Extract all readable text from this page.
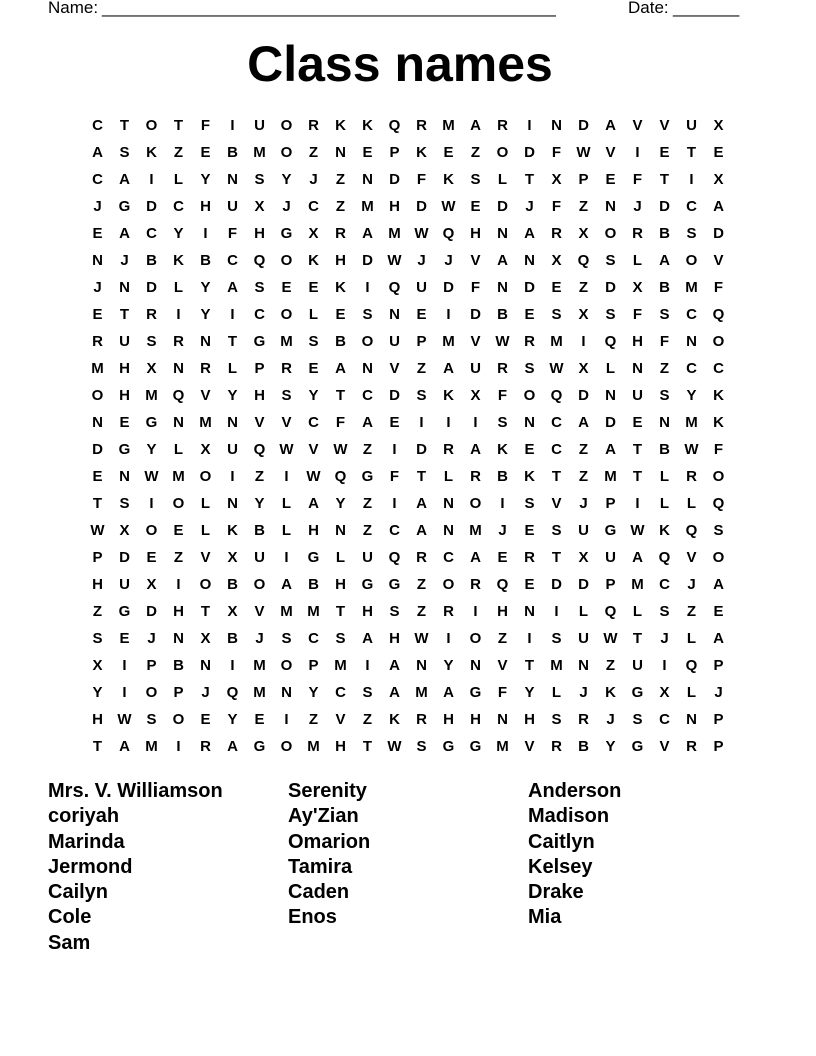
Name: ________________________________________________	Date: _______
Class names
C	T	O	T	F	I	U	O	R	K	K	Q	R	M	A	R	I	N	D	A	V	V	U	X
A	S	K	Z	E	B	M O	Z	N	E	P	K	E	Z	O	D	F	W V	I	E	T	E
C	A	I	L	Y	N	S	Y	J	Z	N	D	F	K	S	L	T	X	P	E	F	T	I	X
J	G	D	C	H	U	X	J	C	Z	M	H	D W E	D	J	F	Z	N	J	D	C	A
E	A	C	Y	I	F	H	G	X	R	A	M W Q	H	N	A	R	X	O	R	B	S	D
N	J	B	K	B	C	Q	O	K	H	D W	J	J	V	A	N	X	Q	S	L	A	O	V
J	N	D	L	Y	A	S	E	E	K	I	Q	U	D	F	N	D	E	Z	D	X	B	M	F
E	T	R	I	Y	I	C	O	L	E	S	N	E	I	D	B	E	S	X	S	F	S	C	Q
R	U	S	R	N	T	G M	S	B	O	U	P	M	V W R	M	I	Q	H	F	N	O
M	H	X	N	R	L	P	R	E	A	N	V	Z	A	U	R	S W X	L	N	Z	C	C
O	H	M Q	V	Y	H	S	Y	T	C	D	S	K	X	F	O	Q	D	N	U	S	Y	K
N	E	G	N	M	N	V	V	C	F	A	E	I	I	I	S	N	C	A	D	E	N	M	K
D	G	Y	L	X	U	Q W V W	Z	I	D	R	A	K	E	C	Z	A	T	B W	F
E	N W M O	I	Z	I	W Q	G	F	T	L	R	B	K	T	Z	M	T	L	R	O
T	S	I	O	L	N	Y	L	A	Y	Z	I	A	N	O	I	S	V	J	P	I	L	L	Q
W X	O	E	L	K	B	L	H	N	Z	C	A	N	M	J	E	S	U	G W K	Q	S
P	D	E	Z	V	X	U	I	G	L	U	Q	R	C	A	E	R	T	X	U	A	Q	V	O
H	U	X	I	O	B	O	A	B	H	G	G	Z	O	R	Q	E	D	D	P	M	C	J	A
Z	G	D	H	T	X	V	M M	T	H	S	Z	R	I	H	N	I	L	Q	L	S	Z	E
S	E	J	N	X	B	J	S	C	S	A	H W	I	O	Z	I	S	U W	T	J	L	A
X	I	P	B	N	I	M O	P	M	I	A	N	Y	N	V	T	M	N	Z	U	I	Q	P
Y	I	O	P	J	Q M	N	Y	C	S	A	M	A	G	F	Y	L	J	K	G	X	L	J
H W S	O	E	Y	E	I	Z	V	Z	K	R	H	H	N	H	S	R	J	S	C	N	P
T	A	M	I	R	A	G	O M	H	T	W S	G	G M	V	R	B	Y	G	V	R	P
Mrs. V. Williamson
coriyah
Marinda
Jermond
Cailyn
Cole
Sam
Serenity
Ay'Zian
Omarion
Tamira
Caden
Enos
Anderson
Madison
Caitlyn
Kelsey
Drake
Mia
